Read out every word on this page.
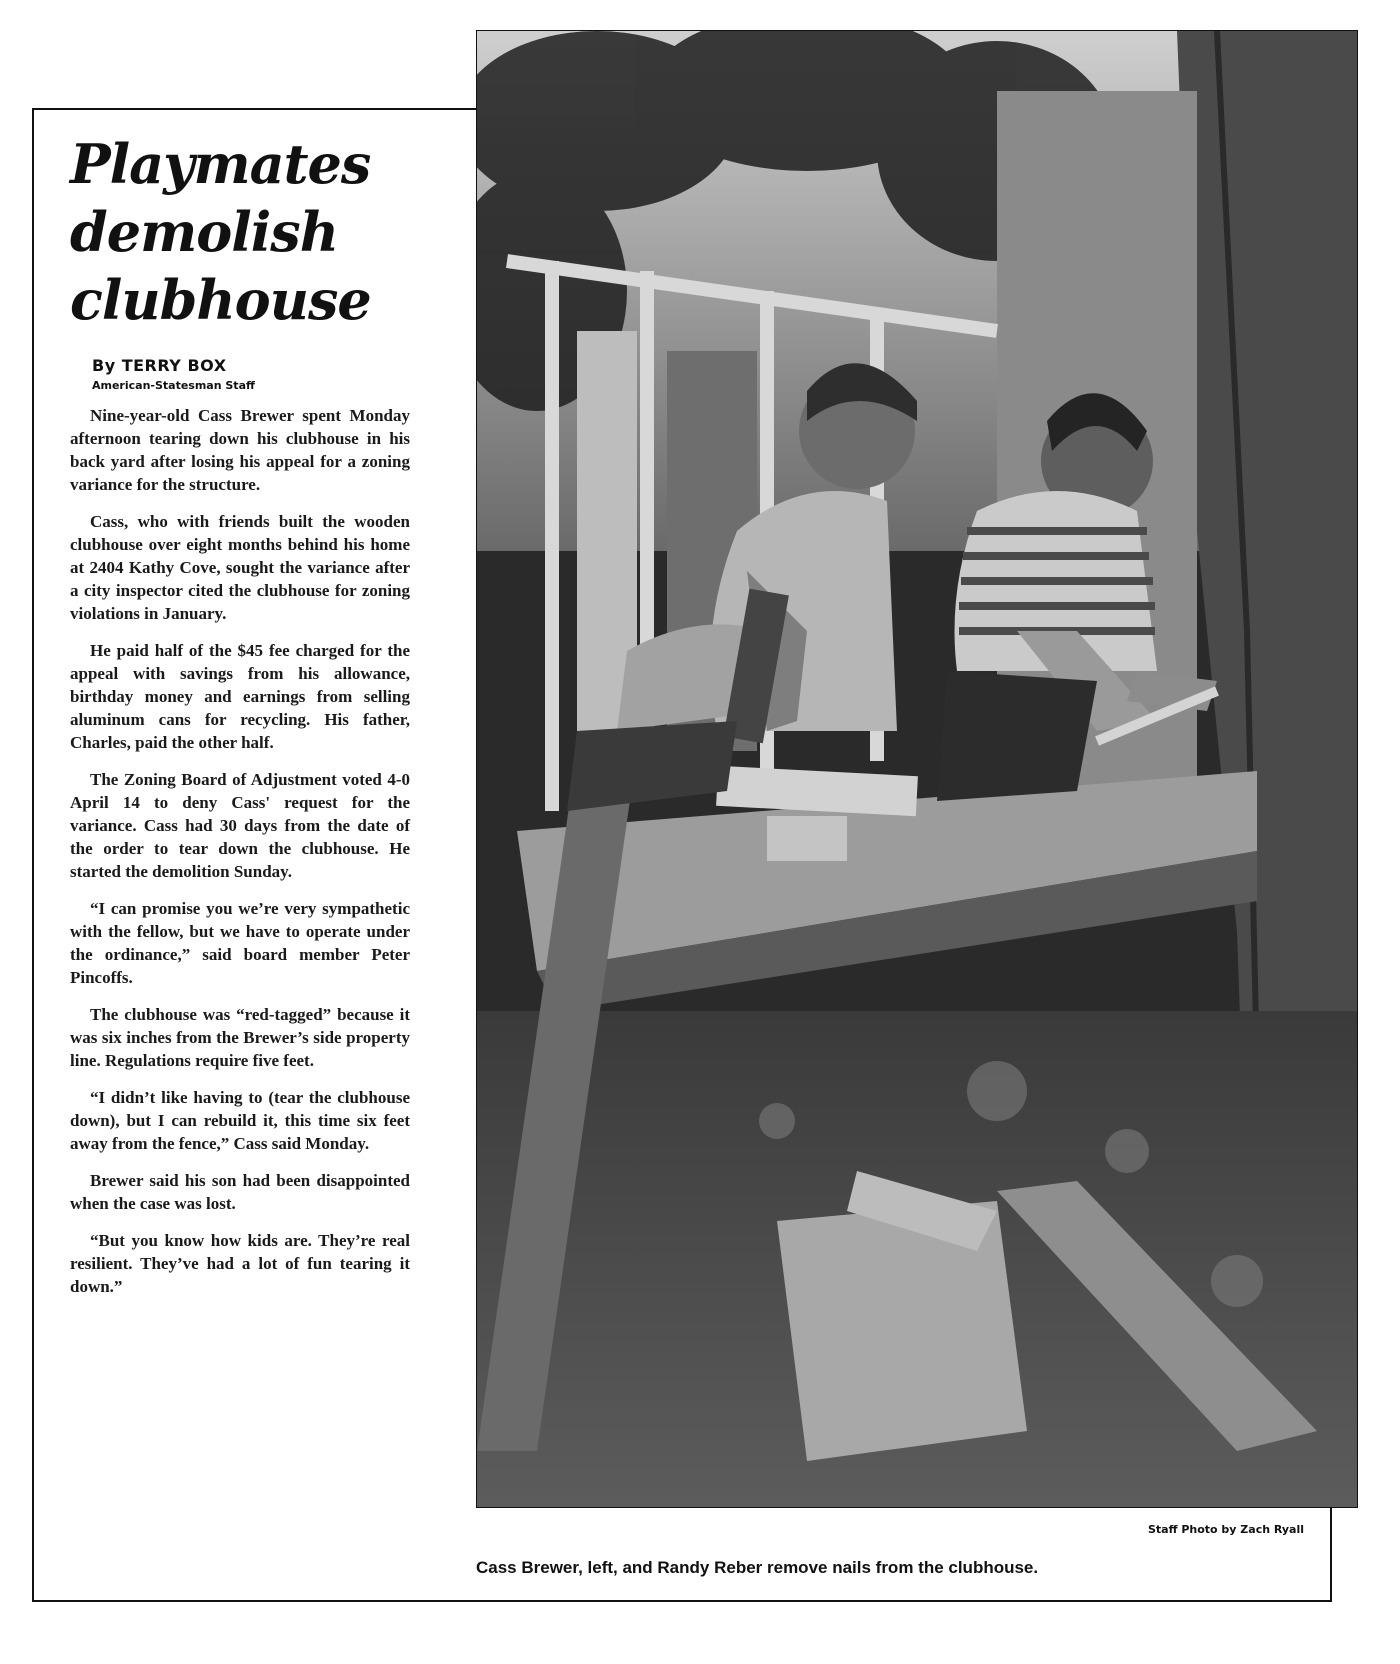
Playmates
demolish
clubhouse
By TERRY BOX
American-Statesman Staff

Nine-year-old Cass Brewer spent Monday afternoon tearing down his clubhouse in his back yard after losing his appeal for a zoning variance for the structure.

Cass, who with friends built the wooden clubhouse over eight months behind his home at 2404 Kathy Cove, sought the variance after a city inspector cited the clubhouse for zoning violations in January.

He paid half of the $45 fee charged for the appeal with savings from his allowance, birthday money and earnings from selling aluminum cans for recycling. His father, Charles, paid the other half.

The Zoning Board of Adjustment voted 4-0 April 14 to deny Cass' request for the variance. Cass had 30 days from the date of the order to tear down the clubhouse. He started the demolition Sunday.

“I can promise you we’re very sympathetic with the fellow, but we have to operate under the ordinance,” said board member Peter Pincoffs.

The clubhouse was “red-tagged” because it was six inches from the Brewer’s side property line. Regulations require five feet.

“I didn’t like having to (tear the clubhouse down), but I can rebuild it, this time six feet away from the fence,” Cass said Monday.

Brewer said his son had been disappointed when the case was lost.

“But you know how kids are. They’re real resilient. They’ve had a lot of fun tearing it down.”

Staff Photo by Zach Ryall
Cass Brewer, left, and Randy Reber remove nails from the clubhouse.
